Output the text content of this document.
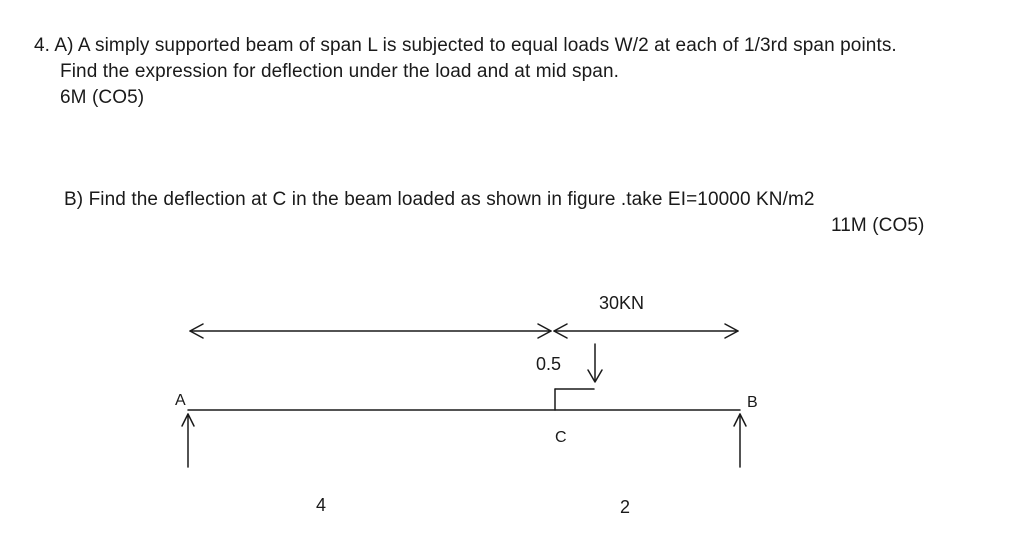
4. A) A simply supported beam of span L is subjected to equal loads W/2 at each of 1/3rd span points.
Find the expression for deflection under the load and at mid span.
6M (CO5)
B) Find the deflection at C in the beam loaded as shown in figure .take EI=10000 KN/m2
11M (CO5)
30KN
0.5
A	B
C
4	2
